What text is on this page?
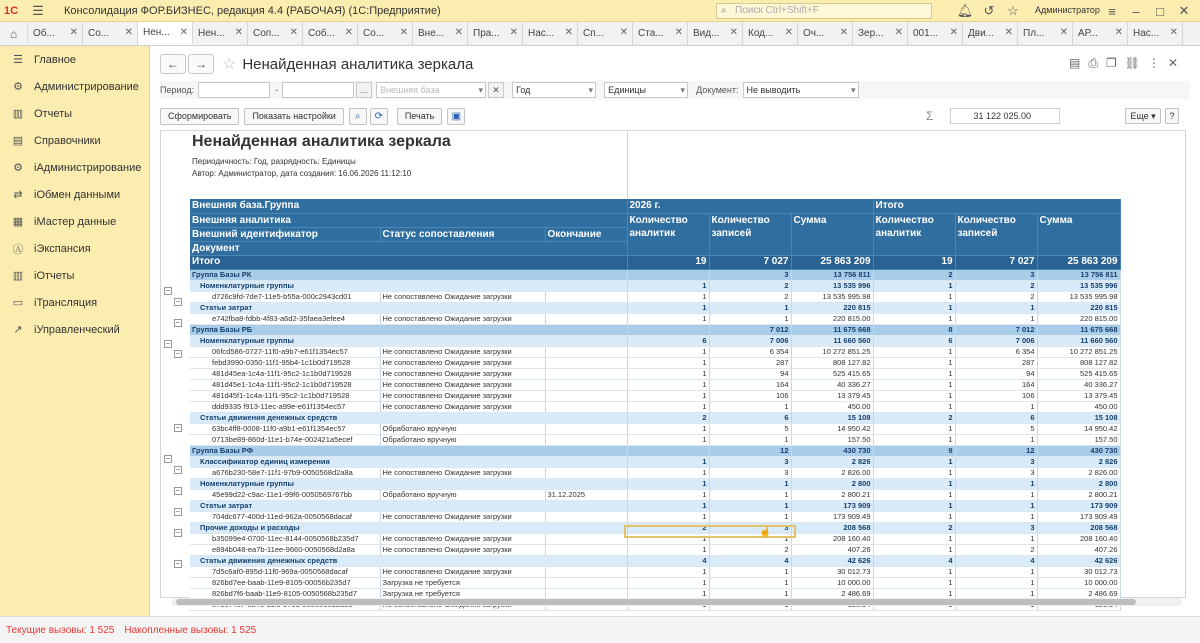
1С	☰	Консолидация ФОР.БИЗНЕС, редакция 4.4 (РАБОЧАЯ) (1С:Предприятие)	⌕ Поиск Ctrl+Shift+F	🔔︎ ↺ ☆	Администратор ≡	–	□	✕
⌂	Об... ✕ Со... ✕ Нен... ✕ Нен... ✕ Соп... ✕ Соб... ✕ Со... ✕ Вне... ✕ Пра... ✕ Нас... ✕ Сп... ✕ Ста... ✕ Вид... ✕ Код... ✕ Оч... ✕ Зер... ✕ 001... ✕ Дви... ✕ Пл... ✕ АР... ✕ Нас... ✕
☰ Главное
⚙ Администрирование
▥ Отчеты
▤ Справочники
⚙ iАдминистрирование
⇄	iОбмен данными
▦ iМастер данные
Ⓐ iЭкспансия
▥ iОтчеты
▭ iТрансляция
↗	iУправленческий
←	→ ☆ Ненайденная аналитика зеркала	▤ ⎙ ❐ ⛓ ⋮ ✕
Период:	-	…	Внешняя база	▾	✕	Год	▾	Единицы	▾ Документ: Не выводить	▾
Сформировать	Показать настройки	⌕	⟳	Печать	▣	Σ	31 122 025.00	Еще ▾	?
Ненайденная аналитика зеркала
Периодичность: Год, разрядность: Единицы
Автор: Администратор, дата создания: 16.06.2026 11:12:10
Внешняя база.Группа			2026 г.			Итого		
Внешняя аналитика			Количество аналитик	Количество записей	Сумма	Количество аналитик	Количество записей	Сумма
Внешний идентификатор	Статус сопоставления	Окончание						
Документ								
Итого			19	7 027	25 863 209	19	7 027	25 863 209
Группа Базы РК				3	13 756 811	2	3	13 756 811
Номенклатурные группы			1	2	13 535 996	1	2	13 535 996
d726c9fd-7de7-11e5-b55a-000c2943cd01	Не сопоставлено Ожидание загрузки		1	2	13 535 995.98	1	2	13 535 995.98
Статьи затрат			1	1	220 815	1	1	220 815
e742fba8-fdbb-4f83-a6d2-35faea3efee4	Не сопоставлено Ожидание загрузки		1	1	220 815.00	1	1	220 815.00
Группа Базы РБ				7 012	11 675 668	8	7 012	11 675 668
Номенклатурные группы			6	7 006	11 660 560	6	7 006	11 660 560
06fcd586-0727-11f0-a9b7-e61f1354ec57	Не сопоставлено Ожидание загрузки		1	6 354	10 272 851.25	1	6 354	10 272 851.25
febd3990-0350-11f1-95b4-1c1b0d719528	Не сопоставлено Ожидание загрузки		1	287	808 127.82	1	287	808 127.82
481d45ea-1c4a-11f1-95c2-1c1b0d719528	Не сопоставлено Ожидание загрузки		1	94	525 415.65	1	94	525 415.65
481d45e1-1c4a-11f1-95c2-1c1b0d719528	Не сопоставлено Ожидание загрузки		1	164	40 336.27	1	164	40 336.27
481d45f1-1c4a-11f1-95c2-1c1b0d719528	Не сопоставлено Ожидание загрузки		1	106	13 379.45	1	106	13 379.45
ddd9335 f913-11ec-a99e-e61f1354ec57	Не сопоставлено Ожидание загрузки		1	1	450.00	1	1	450.00
Статьи движения денежных средств			2	6	15 108	2	6	15 108
63bc4ff8-0008-11f0-a9b1-e61f1354ec57	Обработано вручную		1	5	14 950.42	1	5	14 950.42
0713be89-860d-11e1-b74e-002421a5ecef	Обработано вручную		1	1	157.50	1	1	157.50
Группа Базы РФ				12	430 730	9	12	430 730
Классификатор единиц измерения			1	3	2 826	1	3	2 826
a676b230-58e7-11f1-97b9-0050568d2a8a	Не сопоставлено Ожидание загрузки		1	3	2 826.00	1	3	2 826.00
Номенклатурные группы			1	1	2 800	1	1	2 800
45e99d22-c9ac-11e1-99f6-0050569767bb	Обработано вручную	31.12.2025	1	1	2 800.21	1	1	2 800.21
Статьи затрат			1	1	173 909	1	1	173 909
704dc677-400d-11ed-962a-0050568dacaf	Не сопоставлено Ожидание загрузки		1	1	173 909.49	1	1	173 909.49
Прочие доходы и расходы			2	3	208 568	2	3	208 568
b35099e4-0700-11ec-8144-0050568b235d7	Не сопоставлено Ожидание загрузки		1	1	208 160.40	1	1	208 160.40
e894b048-ea7b-11ee-9660-0050568d2a8a	Не сопоставлено Ожидание загрузки		1	2	407.26	1	2	407.26
Статьи движения денежных средств			4	4	42 626	4	4	42 626
7d5c6af0-895d-11f0-969a-0050568dacaf	Не сопоставлено Ожидание загрузки		1	1	30 012.73	1	1	30 012.73
826bd7ee-baab-11e9-8105-00056b235d7	Загрузка не требуется		1	1	10 000.00	1	1	10 000.00
826bd7f6-baab-11e9-8105-0050568b235d7	Загрузка не требуется		1	1	2 486.69	1	1	2 486.69

–
–
–
–
–
–
–
–
–
–
–
–
☝
Текущие вызовы: 1 525 Накопленные вызовы: 1 525
